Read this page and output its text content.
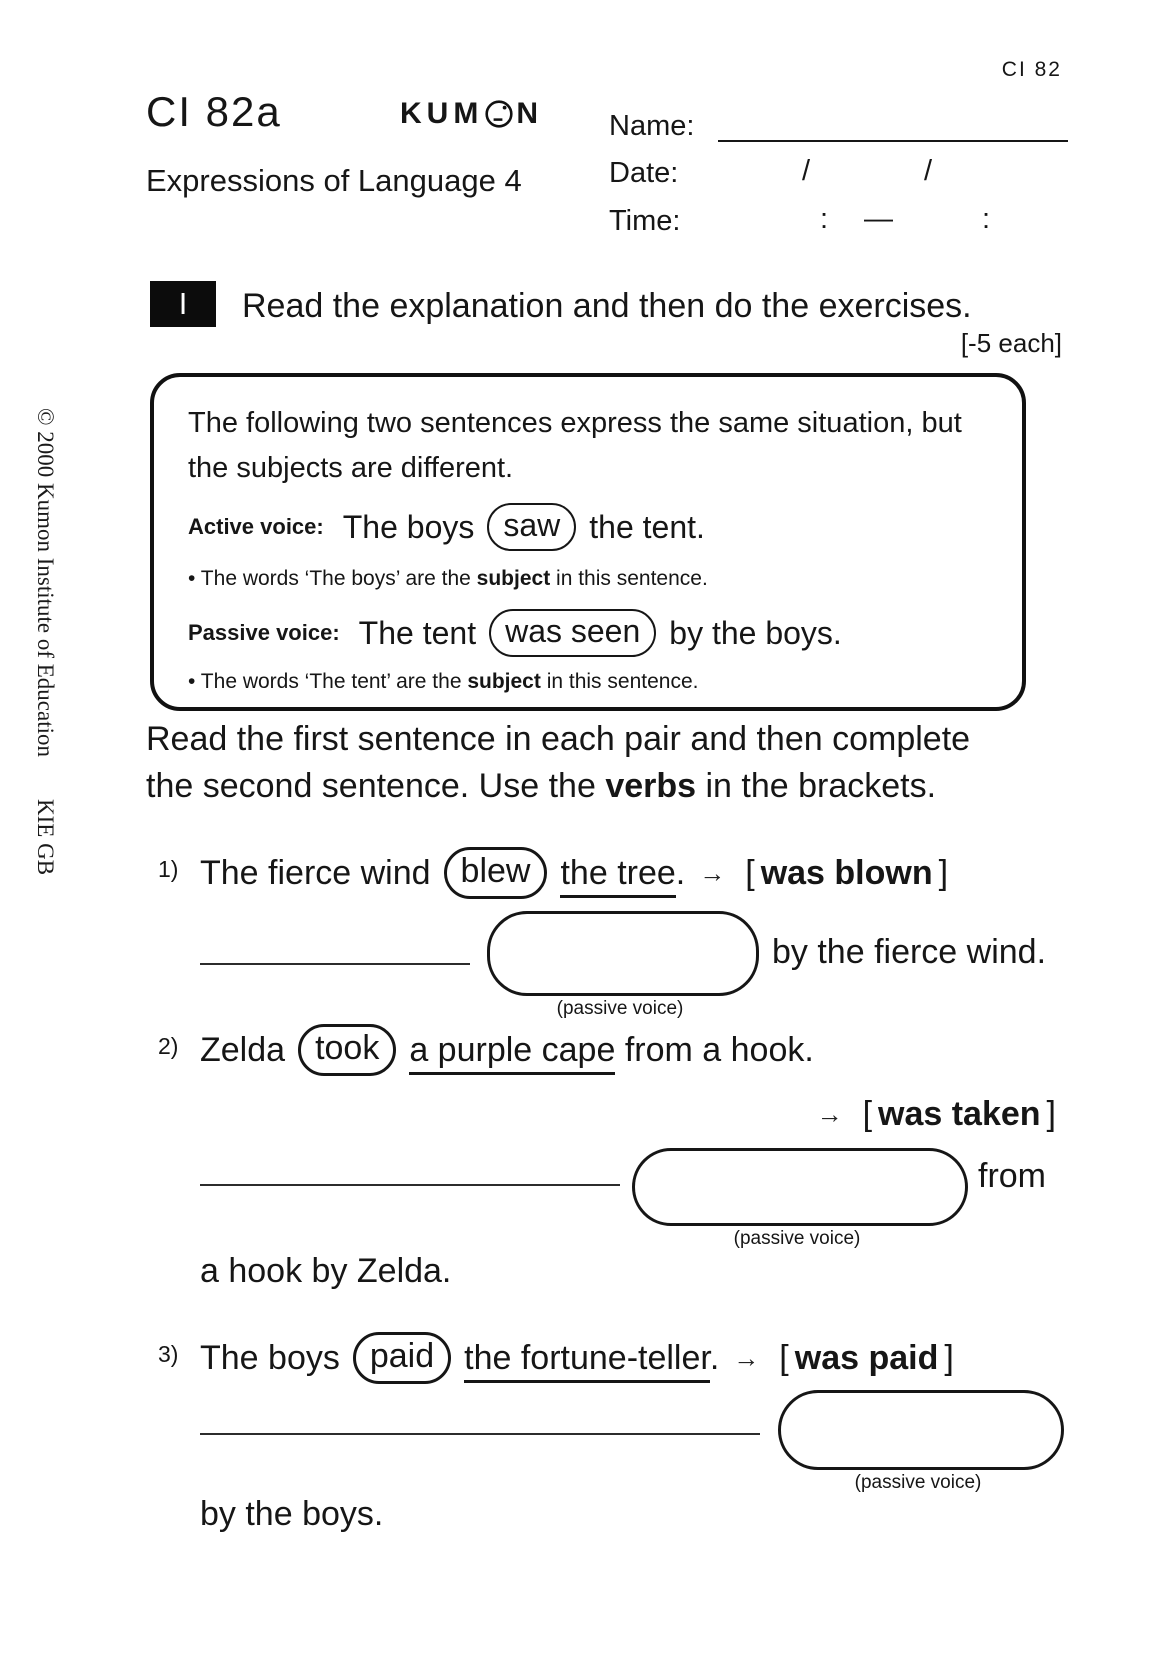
CI 82
CI 82a	KUM N
Expressions of Language 4
Name:
Date:	/	/
Time:	: —	:
I Read the explanation and then do the exercises.
[-5 each]
The following two sentences express the same situation, but
the subjects are different.
Active voice: The boys saw the tent.
• The words ‘The boys’ are the subject in this sentence.
Passive voice: The tent was seen by the boys.
• The words ‘The tent’ are the subject in this sentence.
Read the first sentence in each pair and then complete
the second sentence. Use the verbs in the brackets.
1) The fierce wind blew the tree. → [ was blown ]
by the fierce wind.
(passive voice)
2) Zelda took a purple cape from a hook.
→ [ was taken ]
from
(passive voice)
a hook by Zelda.
3) The boys paid the fortune-teller. → [ was paid ]
(passive voice)
by the boys.
© 2000 Kumon Institute of Education
KIE GB
